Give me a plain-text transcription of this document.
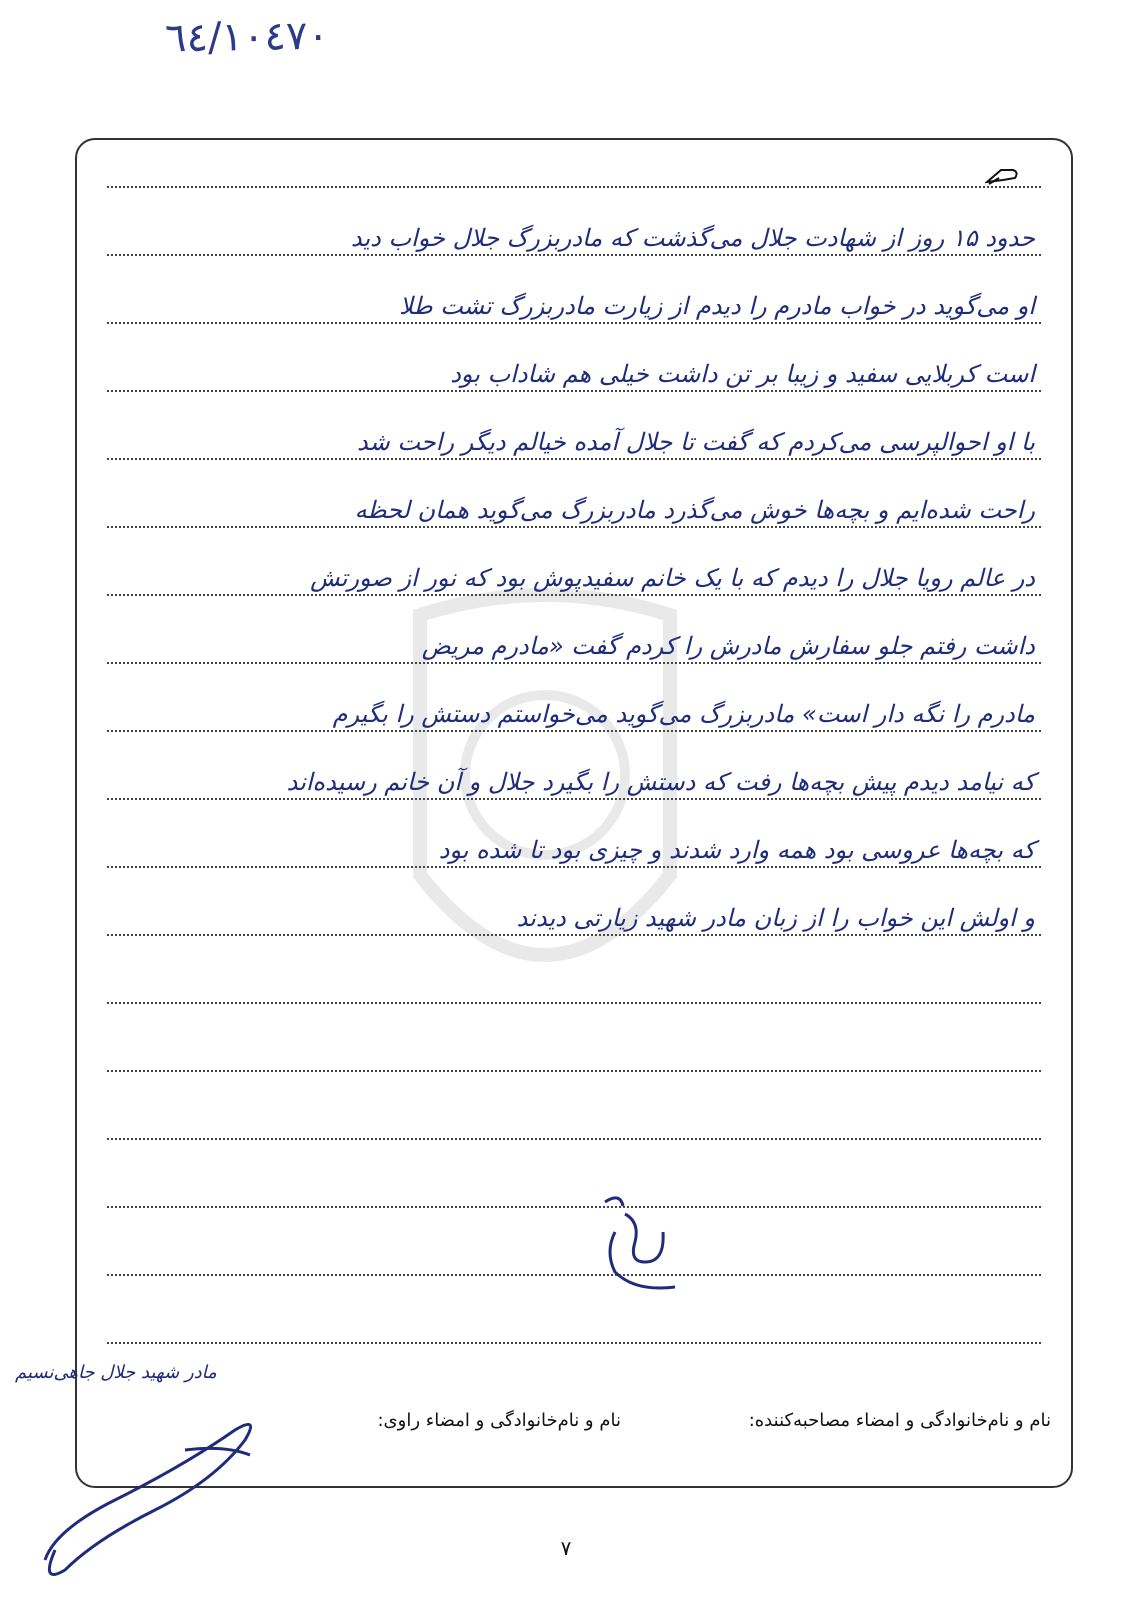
٦٤/١٠٤٧٠
حدود ۱۵ روز از شهادت جلال می‌گذشت که مادربزرگ جلال خواب دید
او می‌گوید در خواب مادرم را دیدم از زیارت مادربزرگ تشت طلا
است کربلایی سفید و زیبا بر تن داشت خیلی هم شاداب بود
با او احوالپرسی می‌کردم که گفت تا جلال آمده خیالم دیگر راحت شد
راحت شده‌ایم و بچه‌ها خوش می‌گذرد مادربزرگ می‌گوید همان لحظه
در عالم رویا جلال را دیدم که با یک خانم سفیدپوش بود که نور از صورتش
داشت رفتم جلو سفارش مادرش را کردم گفت «مادرم مریض
مادرم را نگه دار است» مادربزرگ می‌گوید می‌خواستم دستش را بگیرم
که نیامد دیدم پیش بچه‌ها رفت که دستش را بگیرد جلال و آن خانم رسیده‌اند
که بچه‌ها عروسی بود همه وارد شدند و چیزی بود تا شده بود
و اولش این خواب را از زبان مادر شهید زیارتی دیدند
نام و نام‌خانوادگی و امضاء مصاحبه‌کننده:
نام و نام‌خانوادگی و امضاء راوی:
مادر شهید جلال جاهی‌نسیم
۷
